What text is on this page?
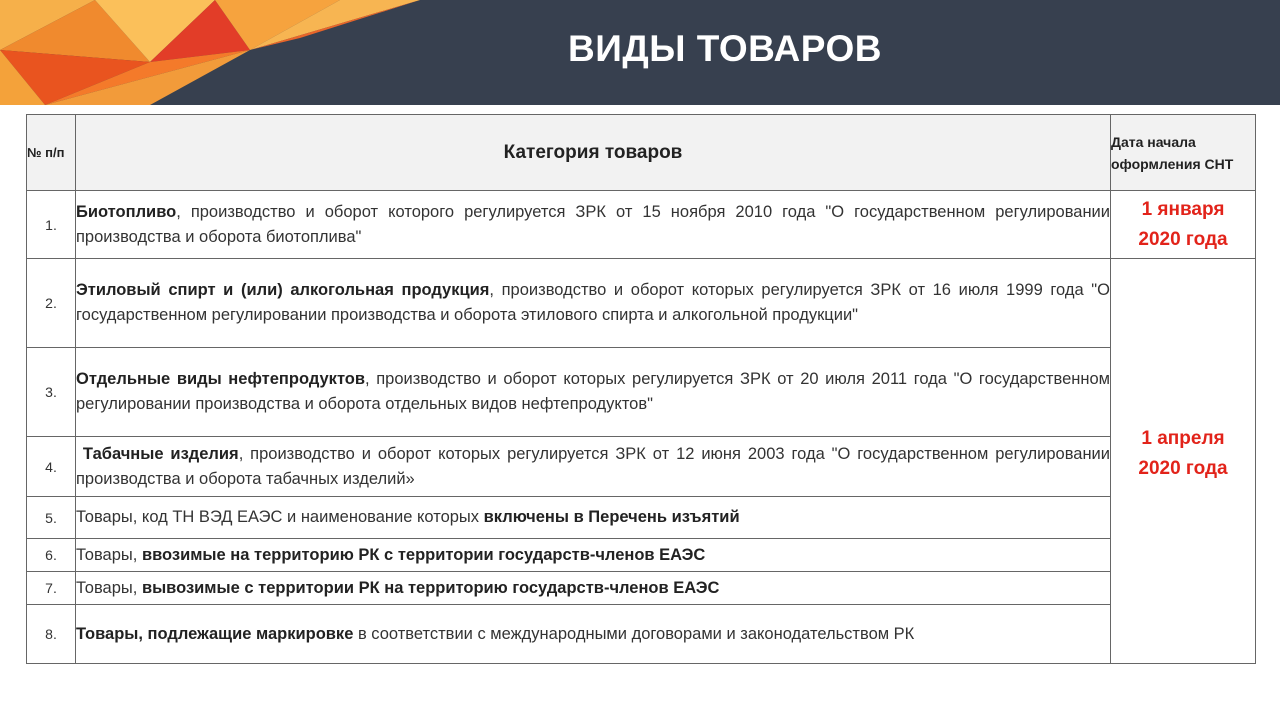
ВИДЫ ТОВАРОВ
№ п/п	Категория товаров	Дата начала оформления СНТ
1.	Биотопливо, производство и оборот которого регулируется ЗРК от 15 ноября 2010 года "О государственном регулировании производства и оборота биотоплива"	1 января
2020 года

2.	Этиловый спирт и (или) алкогольная продукция, производство и оборот которых регулируется ЗРК от 16 июля 1999 года "О государственном регулировании производства и оборота этилового спирта и алкогольной продукции"	1 апреля
2020 года

3.	Отдельные виды нефтепродуктов, производство и оборот которых регулируется ЗРК от 20 июля 2011 года "О государственном регулировании производства и оборота отдельных видов нефтепродуктов"	
4.	Табачные изделия, производство и оборот которых регулируется ЗРК от 12 июня 2003 года "О государственном регулировании производства и оборота табачных изделий»	
5.	Товары, код ТН ВЭД ЕАЭС и наименование которых включены в Перечень изъятий	
6.	Товары, ввозимые на территорию РК с территории государств-членов ЕАЭС	
7.	Товары, вывозимые с территории РК на территорию государств-членов ЕАЭС	
8.	Товары, подлежащие маркировке в соответствии с международными договорами и законодательством РК	
